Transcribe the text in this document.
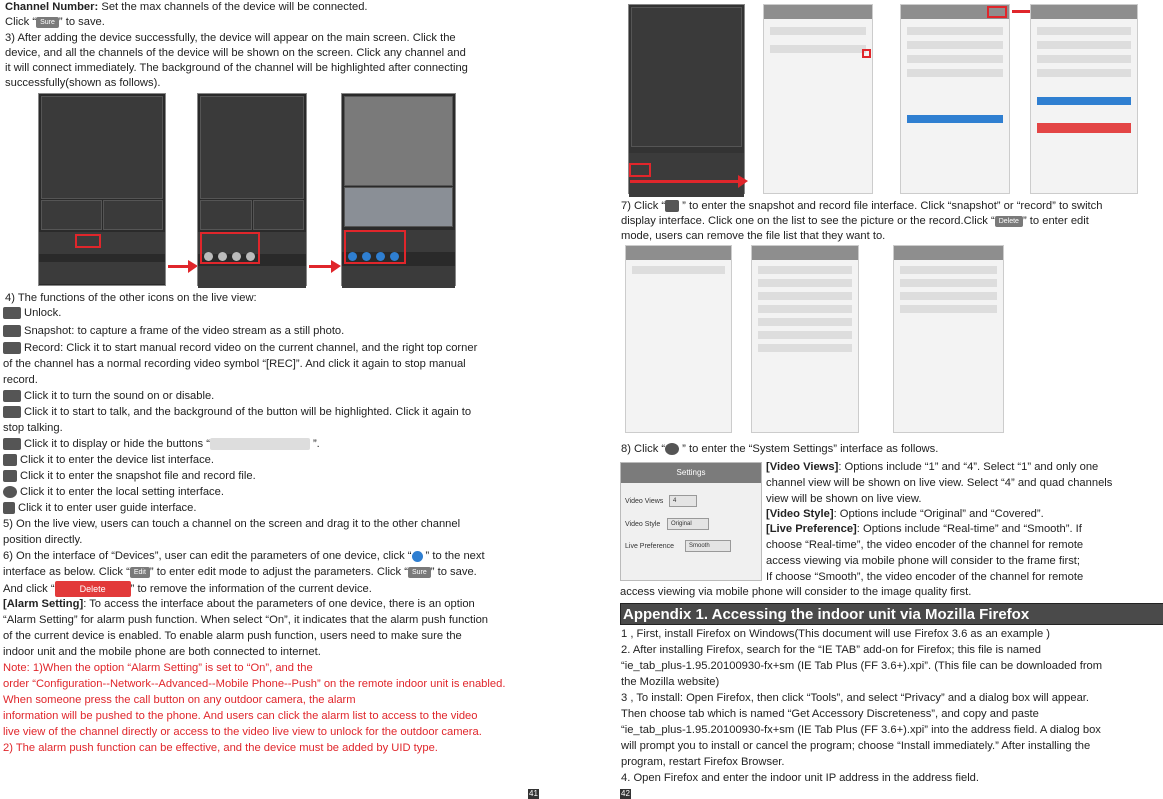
Channel Number: Set the max channels of the device will be connected.
Click “ Sure ” to save.
3) After adding the device successfully, the device will appear on the main screen. Click the
device, and all the channels of the device will be shown on the screen. Click any channel and
it will connect immediately. The background of the channel will be highlighted after connecting
successfully(shown as follows).
4) The functions of the other icons on the live view:
Unlock.
Snapshot: to capture a frame of the video stream as a still photo.
Record: Click it to start manual record video on the current channel, and the right top corner
of the channel has a normal recording video symbol “[REC]”. And click it again to stop manual
record.
Click it to turn the sound on or disable.
Click it to start to talk, and the background of the button will be highlighted. Click it again to
stop talking.
Click it to display or hide the buttons “	”.
Click it to enter the device list interface.
Click it to enter the snapshot file and record file.
Click it to enter the local setting interface.
Click it to enter user guide interface.
5) On the live view, users can touch a channel on the screen and drag it to the other channel
position directly.
6) On the interface of “Devices”, user can edit the parameters of one device, click “ ” to the next
interface as below. Click “ Edit ” to enter edit mode to adjust the parameters. Click “ Sure ” to save.
And click “	Delete ” to remove the information of the current device.
[Alarm Setting]: To access the interface about the parameters of one device, there is an option
“Alarm Setting” for alarm push function. When select “On”, it indicates that the alarm push function
of the current device is enabled. To enable alarm push function, users need to make sure the
indoor unit and the mobile phone are both connected to internet.
Note: 1)When the option “Alarm Setting” is set to “On”, and the
order “Configuration--Network--Advanced--Mobile Phone--Push” on the remote indoor unit is enabled.
When someone press the call button on any outdoor camera, the alarm
information will be pushed to the phone. And users can click the alarm list to access to the video
live view of the channel directly or access to the video live view to unlock for the outdoor camera.
2) The alarm push function can be effective, and the device must be added by UID type.
41
7) Click “ ” to enter the snapshot and record file interface. Click “snapshot” or “record” to switch
display interface. Click one on the list to see the picture or the record.Click “ Delete ” to enter edit
mode, users can remove the file list that they want to.
8) Click “ ” to enter the “System Settings” interface as follows.
Settings
Video Views	4
Video Style	Original
Live Preference	Smooth
[Video Views]: Options include “1” and “4”. Select “1” and only one
channel view will be shown on live view. Select “4” and quad channels
view will be shown on live view.
[Video Style]: Options include “Original” and “Covered”.
[Live Preference]: Options include “Real-time” and “Smooth”. If
choose “Real-time”, the video encoder of the channel for remote
access viewing via mobile phone will consider to the frame first;
If choose “Smooth”, the video encoder of the channel for remote
access viewing via mobile phone will consider to the image quality first.
Appendix 1. Accessing the indoor unit via Mozilla Firefox
1 , First, install Firefox on Windows(This document will use Firefox 3.6 as an example )
2. After installing Firefox, search for the “IE TAB” add-on for Firefox; this file is named
“ie_tab_plus-1.95.20100930-fx+sm (IE Tab Plus (FF 3.6+).xpi”. (This file can be downloaded from
the Mozilla website)
3 , To install: Open Firefox, then click “Tools”, and select “Privacy” and a dialog box will appear.
Then choose tab which is named “Get Accessory Discreteness”, and copy and paste
“ie_tab_plus-1.95.20100930-fx+sm (IE Tab Plus (FF 3.6+).xpi” into the address field. A dialog box
will prompt you to install or cancel the program; choose “Install immediately.” After installing the
program, restart Firefox Browser.
4. Open Firefox and enter the indoor unit IP address in the address field.
42
